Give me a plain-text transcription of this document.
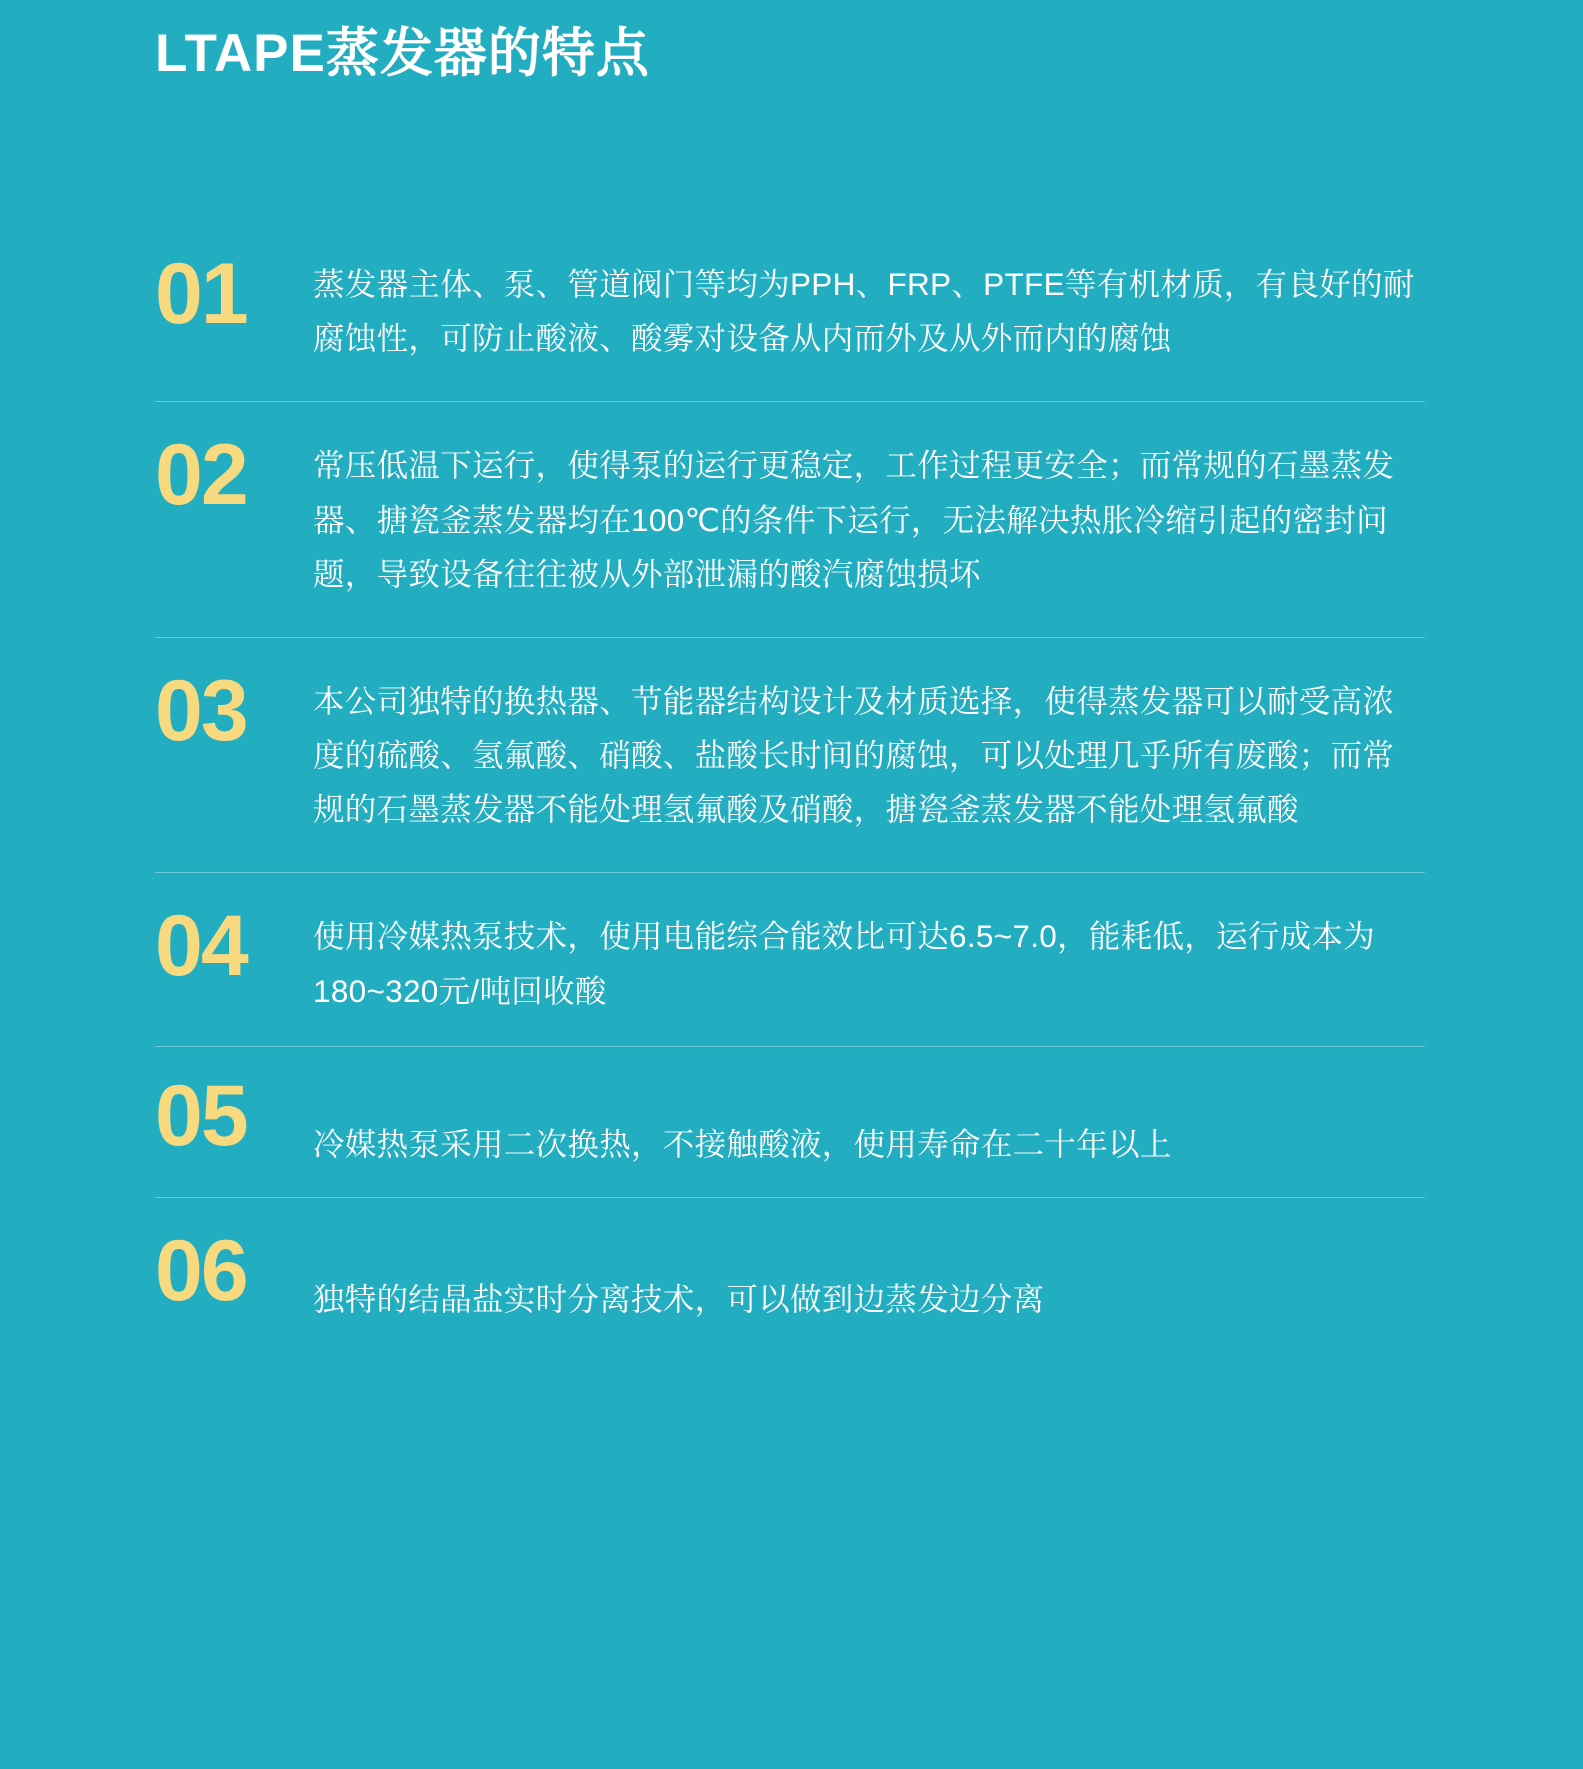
LTAPE蒸发器的特点
01	蒸发器主体、泵、管道阀门等均为PPH、FRP、PTFE等有机材质，有良好的耐腐蚀性，可防止酸液、酸雾对设备从内而外及从外而内的腐蚀
02	常压低温下运行，使得泵的运行更稳定，工作过程更安全；而常规的石墨蒸发器、搪瓷釜蒸发器均在100℃的条件下运行，无法解决热胀冷缩引起的密封问题，导致设备往往被从外部泄漏的酸汽腐蚀损坏
03	本公司独特的换热器、节能器结构设计及材质选择，使得蒸发器可以耐受高浓度的硫酸、氢氟酸、硝酸、盐酸长时间的腐蚀，可以处理几乎所有废酸；而常规的石墨蒸发器不能处理氢氟酸及硝酸，搪瓷釜蒸发器不能处理氢氟酸
04	使用冷媒热泵技术，使用电能综合能效比可达6.5~7.0，能耗低，运行成本为180~320元/吨回收酸
05	冷媒热泵采用二次换热，不接触酸液，使用寿命在二十年以上
06	独特的结晶盐实时分离技术，可以做到边蒸发边分离
